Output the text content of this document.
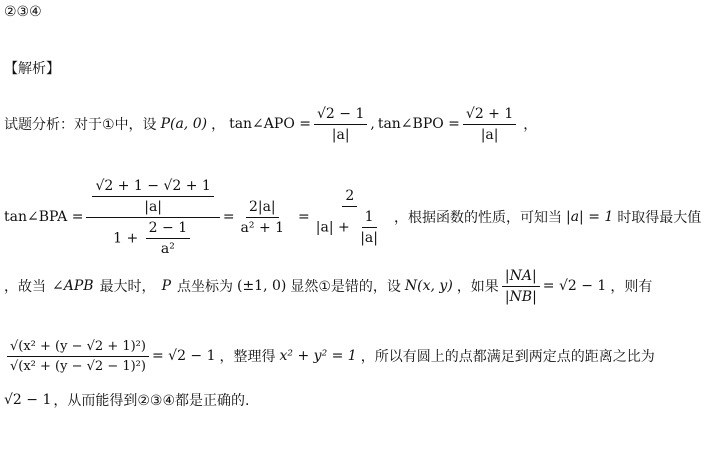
②③④
【解析】
试题分析：对于①中，设 P(a, 0) ， tan∠APO = $\frac{√2 - 1}{|a|}$ , tan∠BPO = $\frac{√2 + 1}{|a|}$ ，
tan∠BPA = $\frac{\frac{√2 + 1 - √2 + 1}{|a|}}{1 + \frac{2 - 1}{\text{a²}}} = \frac{2|a|}{\text{a² + 1}} = \frac{2}{|a| + \frac{1}{|a|}}$ ，根据函数的性质，可知当 |a| = 1 时取得最大值
，故当 ∠APB 最大时， P 点坐标为 (±1, 0) 显然①是错的，设 N(x, y) ，如果 $\frac{|NA|}{|NB|} = √2 - 1$ ，则有
$\frac{\text{√(x² + (y − √2 + 1)²)}}{\text{√(x² + (y − √2 − 1)²)}} = √2 - 1$ ，整理得 x² + y² = 1 ，所以有圆上的点都满足到两定点的距离之比为
√2 − 1 ，从而能得到②③④都是正确的.
